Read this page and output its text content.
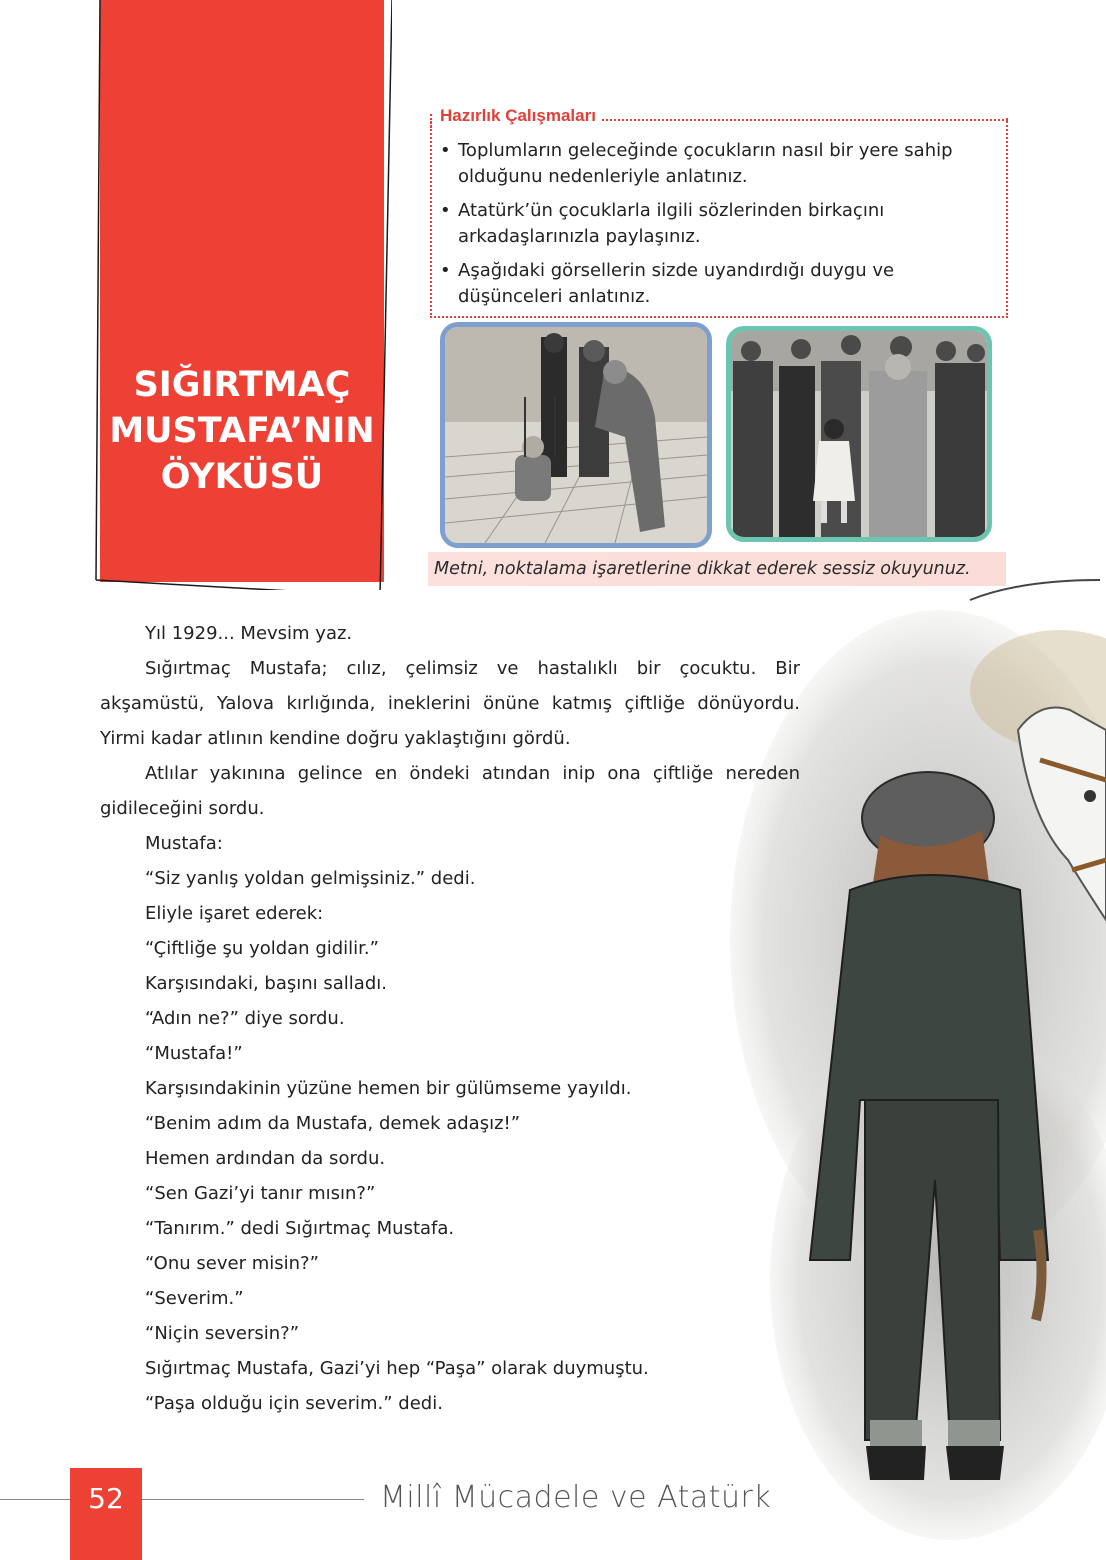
SIĞIRTMAÇ
MUSTAFA’NIN
ÖYKÜSÜ
Hazırlık Çalışmaları
• Toplumların geleceğinde çocukların nasıl bir yere sahip olduğunu nedenleriyle anlatınız.
• Atatürk’ün çocuklarla ilgili sözlerinden birkaçını arkadaşlarınızla paylaşınız.
• Aşağıdaki görsellerin sizde uyandırdığı duygu ve düşünceleri anlatınız.
Metni, noktalama işaretlerine dikkat ederek sessiz okuyunuz.

Yıl 1929... Mevsim yaz.

Sığırtmaç Mustafa; cılız, çelimsiz ve hastalıklı bir çocuktu. Bir akşamüstü, Yalova kırlığında, ineklerini önüne katmış çiftliğe dönüyordu. Yirmi kadar atlının kendine doğru yaklaştığını gördü.

Atlılar yakınına gelince en öndeki atından inip ona çiftliğe nereden gidileceğini sordu.

Mustafa:

“Siz yanlış yoldan gelmişsiniz.” dedi.

Eliyle işaret ederek:

“Çiftliğe şu yoldan gidilir.”

Karşısındaki, başını salladı.

“Adın ne?” diye sordu.

“Mustafa!”

Karşısındakinin yüzüne hemen bir gülümseme yayıldı.

“Benim adım da Mustafa, demek adaşız!”

Hemen ardından da sordu.

“Sen Gazi’yi tanır mısın?”

“Tanırım.” dedi Sığırtmaç Mustafa.

“Onu sever misin?”

“Severim.”

“Niçin seversin?”

Sığırtmaç Mustafa, Gazi’yi hep “Paşa” olarak duymuştu.

“Paşa olduğu için severim.” dedi.

52	Millî Mücadele ve Atatürk
